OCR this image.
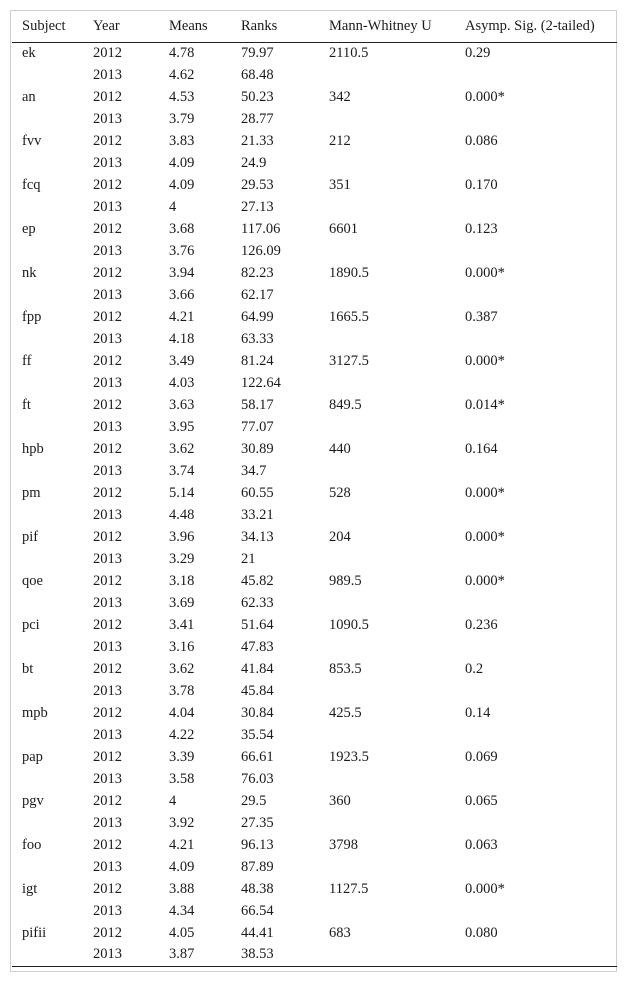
Subject	Year	Means	Ranks	Mann-Whitney U	Asymp. Sig. (2-tailed)
ek	2012	4.78	79.97	2110.5	0.29
	2013	4.62	68.48		
an	2012	4.53	50.23	342	0.000*
	2013	3.79	28.77		
fvv	2012	3.83	21.33	212	0.086
	2013	4.09	24.9		
fcq	2012	4.09	29.53	351	0.170
	2013	4	27.13		
ep	2012	3.68	117.06	6601	0.123
	2013	3.76	126.09		
nk	2012	3.94	82.23	1890.5	0.000*
	2013	3.66	62.17		
fpp	2012	4.21	64.99	1665.5	0.387
	2013	4.18	63.33		
ff	2012	3.49	81.24	3127.5	0.000*
	2013	4.03	122.64		
ft	2012	3.63	58.17	849.5	0.014*
	2013	3.95	77.07		
hpb	2012	3.62	30.89	440	0.164
	2013	3.74	34.7		
pm	2012	5.14	60.55	528	0.000*
	2013	4.48	33.21		
pif	2012	3.96	34.13	204	0.000*
	2013	3.29	21		
qoe	2012	3.18	45.82	989.5	0.000*
	2013	3.69	62.33		
pci	2012	3.41	51.64	1090.5	0.236
	2013	3.16	47.83		
bt	2012	3.62	41.84	853.5	0.2
	2013	3.78	45.84		
mpb	2012	4.04	30.84	425.5	0.14
	2013	4.22	35.54		
pap	2012	3.39	66.61	1923.5	0.069
	2013	3.58	76.03		
pgv	2012	4	29.5	360	0.065
	2013	3.92	27.35		
foo	2012	4.21	96.13	3798	0.063
	2013	4.09	87.89		
igt	2012	3.88	48.38	1127.5	0.000*
	2013	4.34	66.54		
pifii	2012	4.05	44.41	683	0.080
	2013	3.87	38.53		
